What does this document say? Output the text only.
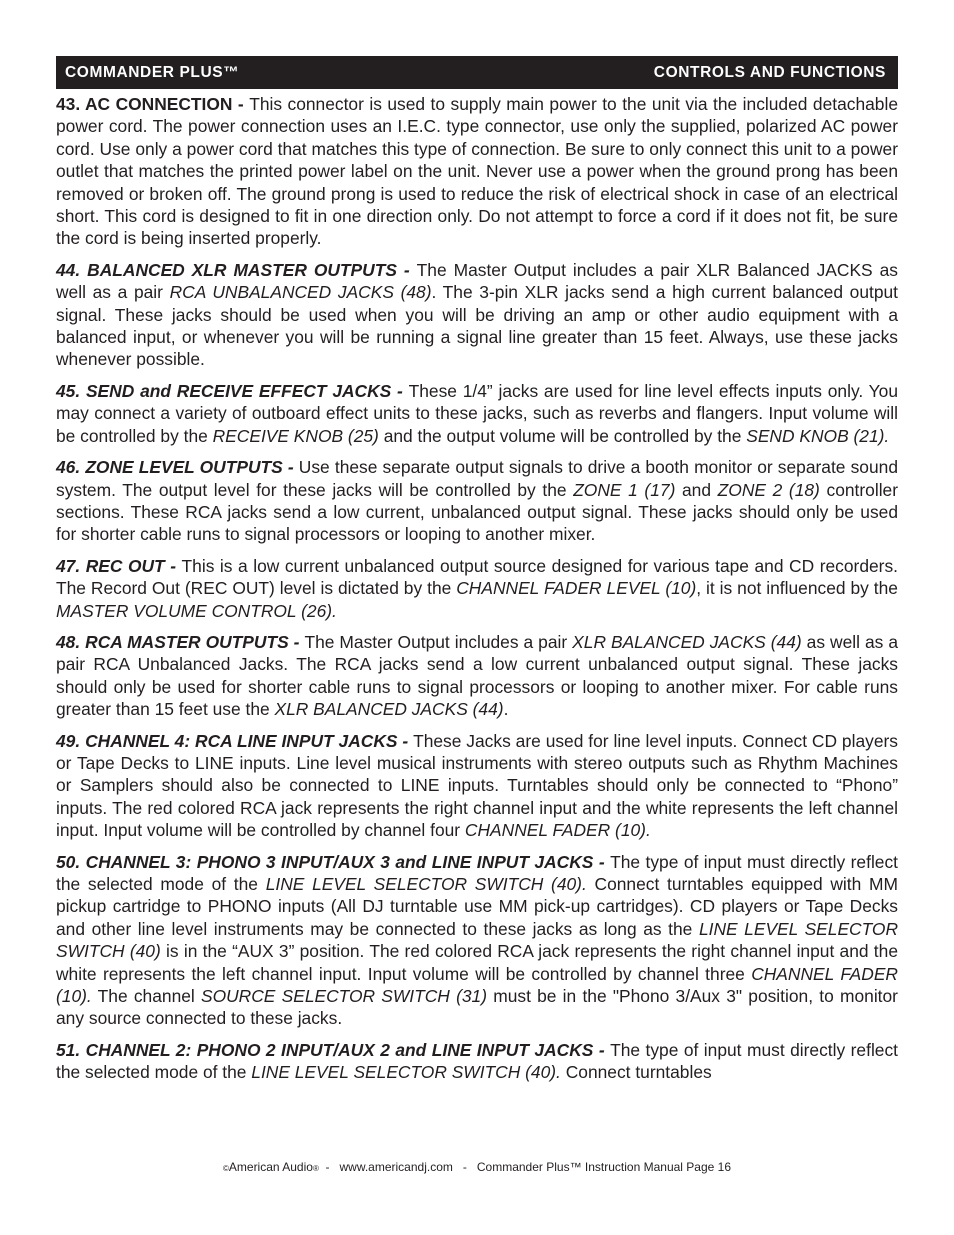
COMMANDER PLUS™	CONTROLS AND FUNCTIONS

43. AC CONNECTION - This connector is used to supply main power to the unit via the included detachable power cord. The power connection uses an I.E.C. type connector, use only the supplied, polarized AC power cord. Use only a power cord that matches this type of connection. Be sure to only connect this unit to a power outlet that matches the printed power label on the unit. Never use a power when the ground prong has been removed or broken off. The ground prong is used to reduce the risk of electrical shock in case of an electrical short. This cord is designed to fit in one direction only. Do not attempt to force a cord if it does not fit, be sure the cord is being inserted properly.

44. BALANCED XLR MASTER OUTPUTS - The Master Output includes a pair XLR Balanced JACKS as well as a pair RCA UNBALANCED JACKS (48). The 3-pin XLR jacks send a high current balanced output signal. These jacks should be used when you will be driving an amp or other audio equipment with a balanced input, or whenever you will be running a signal line greater than 15 feet. Always, use these jacks whenever possible.

45. SEND and RECEIVE EFFECT JACKS - These 1/4” jacks are used for line level effects inputs only. You may connect a variety of outboard effect units to these jacks, such as reverbs and flangers. Input volume will be controlled by the RECEIVE KNOB (25) and the output volume will be controlled by the SEND KNOB (21).

46. ZONE LEVEL OUTPUTS - Use these separate output signals to drive a booth monitor or separate sound system. The output level for these jacks will be controlled by the ZONE 1 (17) and ZONE 2 (18) controller sections. These RCA jacks send a low current, unbalanced output signal. These jacks should only be used for shorter cable runs to signal processors or looping to another mixer.

47. REC OUT - This is a low current unbalanced output source designed for various tape and CD recorders. The Record Out (REC OUT) level is dictated by the CHANNEL FADER LEVEL (10), it is not influenced by the MASTER VOLUME CONTROL (26).

48. RCA MASTER OUTPUTS - The Master Output includes a pair XLR BALANCED JACKS (44) as well as a pair RCA Unbalanced Jacks. The RCA jacks send a low current unbalanced output signal. These jacks should only be used for shorter cable runs to signal processors or looping to another mixer. For cable runs greater than 15 feet use the XLR BALANCED JACKS (44).

49. CHANNEL 4: RCA LINE INPUT JACKS - These Jacks are used for line level inputs. Connect CD players or Tape Decks to LINE inputs. Line level musical instruments with stereo outputs such as Rhythm Machines or Samplers should also be connected to LINE inputs. Turntables should only be connected to “Phono” inputs. The red colored RCA jack represents the right channel input and the white represents the left channel input. Input volume will be controlled by channel four CHANNEL FADER (10).

50. CHANNEL 3: PHONO 3 INPUT/AUX 3 and LINE INPUT JACKS - The type of input must directly reflect the selected mode of the LINE LEVEL SELECTOR SWITCH (40). Connect turntables equipped with MM pickup cartridge to PHONO inputs (All DJ turntable use MM pick-up cartridges). CD players or Tape Decks and other line level instruments may be connected to these jacks as long as the LINE LEVEL SELECTOR SWITCH (40) is in the “AUX 3” position. The red colored RCA jack represents the right channel input and the white represents the left channel input. Input volume will be controlled by channel three CHANNEL FADER (10). The channel SOURCE SELECTOR SWITCH (31) must be in the "Phono 3/Aux 3" position, to monitor any source connected to these jacks.

51. CHANNEL 2: PHONO 2 INPUT/AUX 2 and LINE INPUT JACKS - The type of input must directly reflect the selected mode of the LINE LEVEL SELECTOR SWITCH (40). Connect turntables

©American Audio®  -   www.americandj.com   -   Commander Plus™ Instruction Manual Page 16
